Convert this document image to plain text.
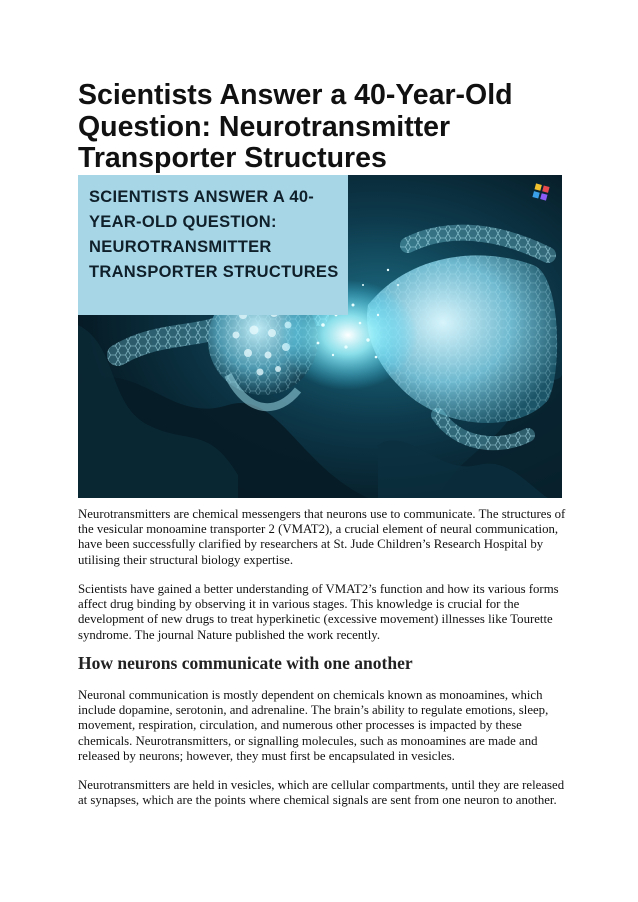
Scientists Answer a 40-Year-Old Question: Neurotransmitter Transporter Structures

SCIENTISTS ANSWER A 40-YEAR-OLD QUESTION: NEUROTRANSMITTER TRANSPORTER STRUCTURES

Neurotransmitters are chemical messengers that neurons use to communicate. The structures of the vesicular monoamine transporter 2 (VMAT2), a crucial element of neural communication, have been successfully clarified by researchers at St. Jude Children’s Research Hospital by utilising their structural biology expertise.

Scientists have gained a better understanding of VMAT2’s function and how its various forms affect drug binding by observing it in various stages. This knowledge is crucial for the development of new drugs to treat hyperkinetic (excessive movement) illnesses like Tourette syndrome. The journal Nature published the work recently.

How neurons communicate with one another

Neuronal communication is mostly dependent on chemicals known as monoamines, which include dopamine, serotonin, and adrenaline. The brain’s ability to regulate emotions, sleep, movement, respiration, circulation, and numerous other processes is impacted by these chemicals. Neurotransmitters, or signalling molecules, such as monoamines are made and released by neurons; however, they must first be encapsulated in vesicles.

Neurotransmitters are held in vesicles, which are cellular compartments, until they are released at synapses, which are the points where chemical signals are sent from one neuron to another.
